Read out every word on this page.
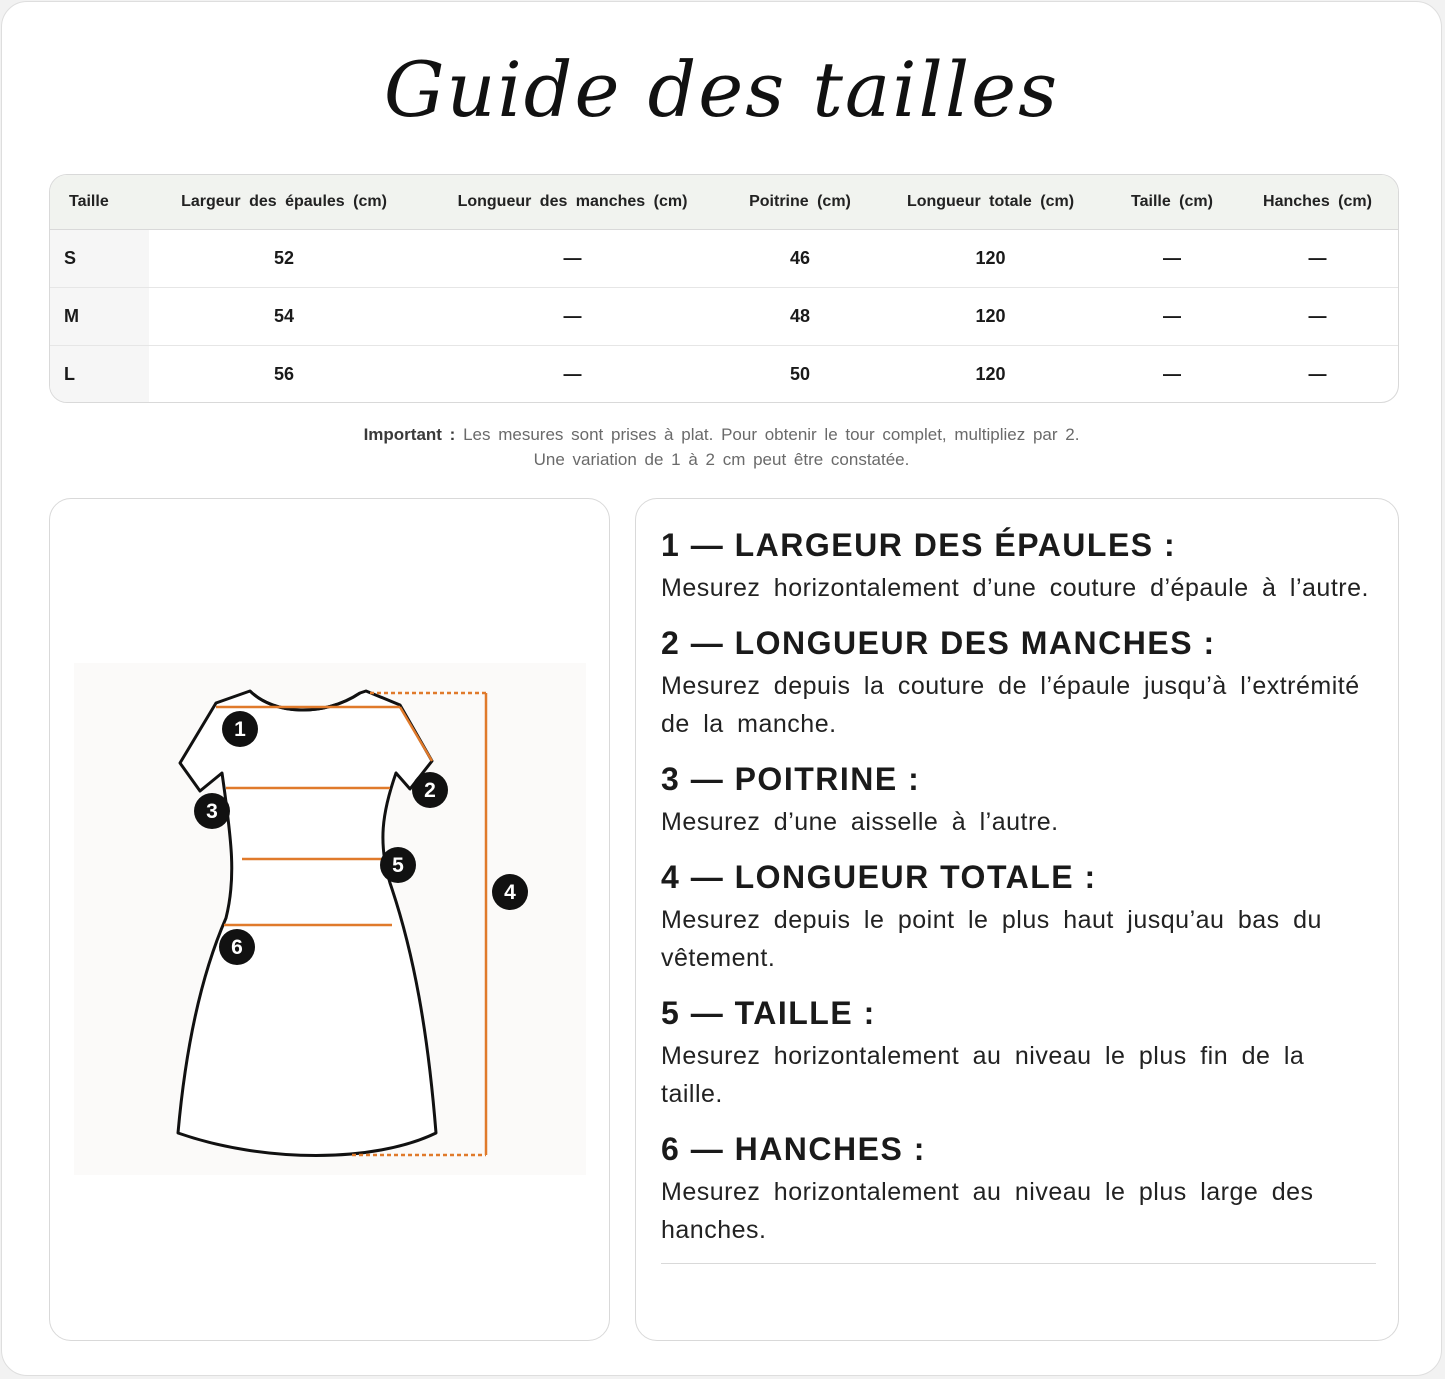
Guide des tailles
Taille	Largeur des épaules (cm)	Longueur des manches (cm)	Poitrine (cm)	Longueur totale (cm)	Taille (cm)	Hanches (cm)
S	52	—	46	120	—	—
M	54	—	48	120	—	—
L	56	—	50	120	—	—
Important : Les mesures sont prises à plat. Pour obtenir le tour complet, multipliez par 2.
Une variation de 1 à 2 cm peut être constatée.
1
2
3
4
5
6
1 — LARGEUR DES ÉPAULES :

Mesurez horizontalement d’une couture d’épaule à l’autre.

2 — LONGUEUR DES MANCHES :

Mesurez depuis la couture de l’épaule jusqu’à l’extrémité de la manche.

3 — POITRINE :

Mesurez d’une aisselle à l’autre.

4 — LONGUEUR TOTALE :

Mesurez depuis le point le plus haut jusqu’au bas du vêtement.

5 — TAILLE :

Mesurez horizontalement au niveau le plus fin de la taille.

6 — HANCHES :

Mesurez horizontalement au niveau le plus large des hanches.
